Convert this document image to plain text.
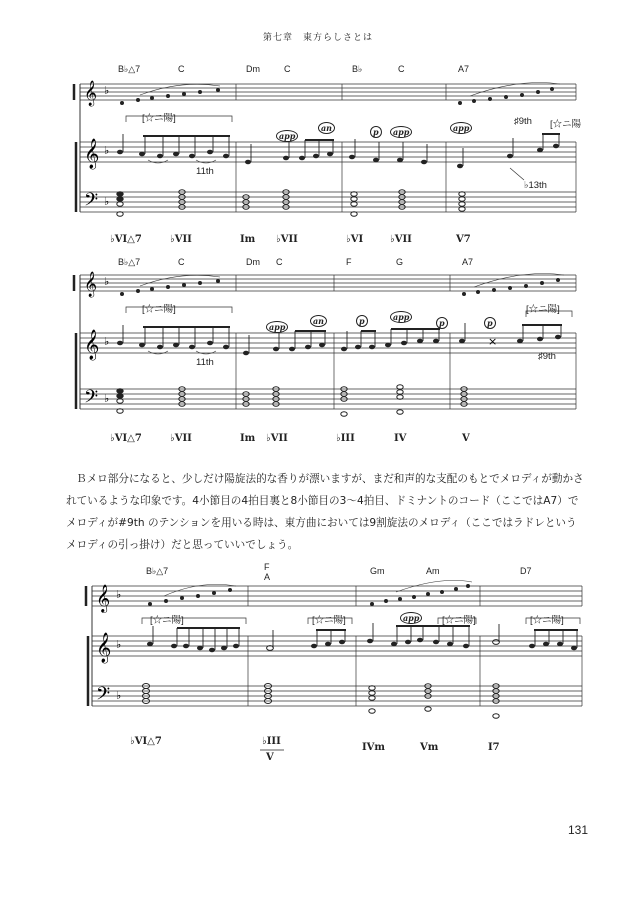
第七章　東方らしさとは
𝄞
𝄞
𝄢
♭
♭
♭
B♭△7	C	Dm	C	B♭	C	A7
[☆ニ陽]
11th
app
an	p	app	app
♯9th [☆ニ陽
♭13th
♭VI△7	♭VII	Im ♭VII	♭VI	♭VII	V7
𝄞
𝄞
𝄢
♭
♭
♭
×
B♭△7	C	Dm C	F	G	A7
[☆ニ陽]
11th
app
an	p	app
p	p
[☆ニ陽]
♯9th
♭VI△7	♭VII	Im ♭VII	♭III	IV	V
Ｂメロ部分になると、少しだけ陽旋法的な香りが漂いますが、まだ和声的な支配のもとでメロディが動かされているような印象です。4小節目の4拍目裏と8小節目の3〜4拍目、ドミナントのコード（ここではA7）でメロディが#9th のテンションを用いる時は、東方曲においては9割旋法のメロディ（ここではラドレというメロディの引っ掛け）だと思っていいでしょう。
𝄞
𝄞
𝄢
♭
♭
♭
B♭△7	F
A
Gm	Am	D7
[☆ニ陽]	[☆ニ陽]	app	[☆ニ陽]	[☆ニ陽]
♭VI△7	♭III
V
IVm	Vm	I7
131
